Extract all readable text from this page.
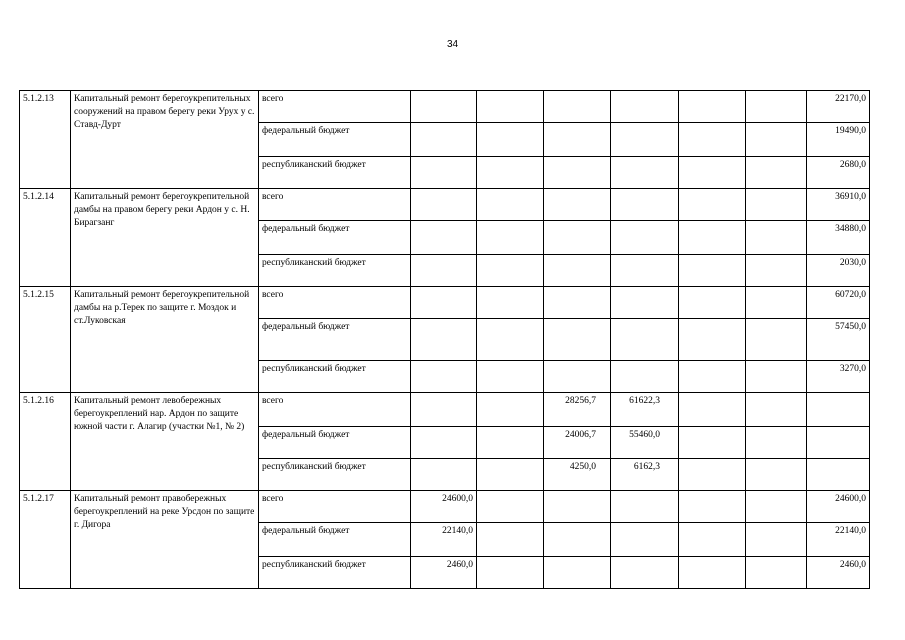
34
5.1.2.13	Капитальный ремонт берегоукрепительных сооружений на правом берегу реки Урух у с. Ставд-Дурт	всего							22170,0
		федеральный бюджет							19490,0
		республиканский бюджет							2680,0
5.1.2.14	Капитальный ремонт берегоукрепительной дамбы на правом берегу реки Ардон у с. Н. Бирагзанг	всего							36910,0
		федеральный бюджет							34880,0
		республиканский бюджет							2030,0
5.1.2.15	Капитальный ремонт берегоукрепительной дамбы на р.Терек по защите г. Моздок и ст.Луковская	всего							60720,0
		федеральный бюджет							57450,0
		республиканский бюджет							3270,0
5.1.2.16	Капитальный ремонт левобережных берегоукреплений нар. Ардон по защите южной части г. Алагир (участки №1, № 2)	всего			28256,7	61622,3			
		федеральный бюджет			24006,7	55460,0			
		республиканский бюджет			4250,0	6162,3			
5.1.2.17	Капитальный ремонт правобережных берегоукреплений на реке Урсдон по защите г. Дигора	всего	24600,0						24600,0
		федеральный бюджет	22140,0						22140,0
		республиканский бюджет	2460,0						2460,0
